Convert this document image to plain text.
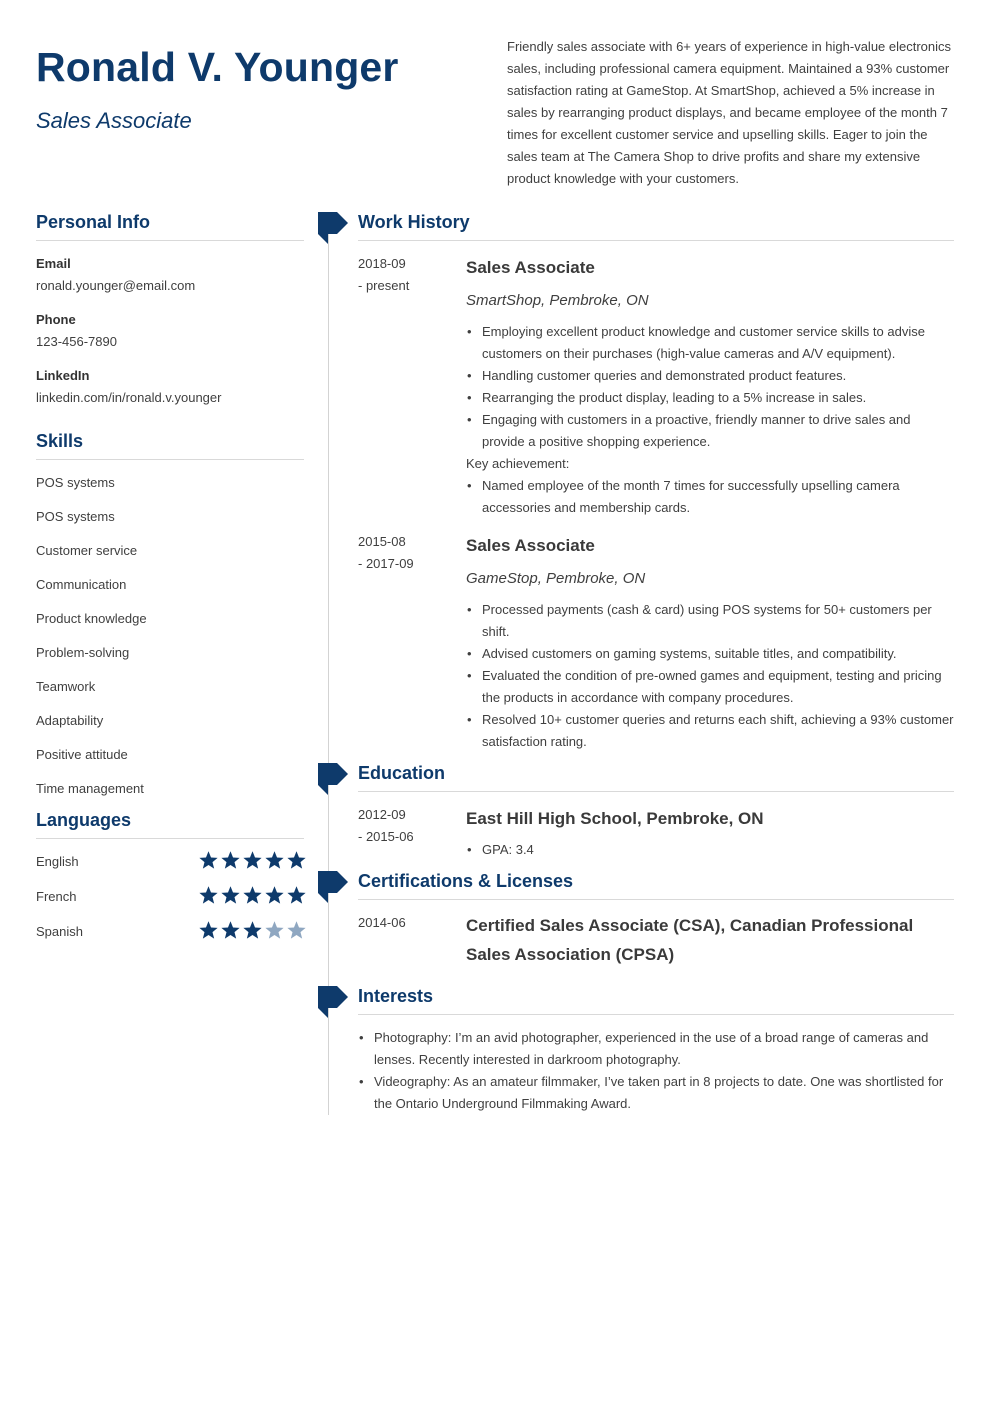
Ronald V. Younger
Sales Associate
Friendly sales associate with 6+ years of experience in high-value electronics sales, including professional camera equipment. Maintained a 93% customer satisfaction rating at GameStop. At SmartShop, achieved a 5% increase in sales by rearranging product displays, and became employee of the month 7 times for excellent customer service and upselling skills. Eager to join the sales team at The Camera Shop to drive profits and share my extensive product knowledge with your customers.
Personal Info
Email
ronald.younger@email.com
Phone
123-456-7890
LinkedIn
linkedin.com/in/ronald.v.younger
Skills
POS systems
POS systems
Customer service
Communication
Product knowledge
Problem-solving
Teamwork
Adaptability
Positive attitude
Time management
Languages
English
French
Spanish
Work History
2018-09
- present
Sales Associate
SmartShop, Pembroke, ON
• Employing excellent product knowledge and customer service skills to advise customers on their purchases (high-value cameras and A/V equipment).
• Handling customer queries and demonstrated product features.
• Rearranging the product display, leading to a 5% increase in sales.
• Engaging with customers in a proactive, friendly manner to drive sales and provide a positive shopping experience.
Key achievement:
• Named employee of the month 7 times for successfully upselling camera accessories and membership cards.
2015-08
- 2017-09
Sales Associate
GameStop, Pembroke, ON
• Processed payments (cash & card) using POS systems for 50+ customers per shift.
• Advised customers on gaming systems, suitable titles, and compatibility.
• Evaluated the condition of pre-owned games and equipment, testing and pricing the products in accordance with company procedures.
• Resolved 10+ customer queries and returns each shift, achieving a 93% customer satisfaction rating.
Education
2012-09
- 2015-06
East Hill High School, Pembroke, ON
• GPA: 3.4
Certifications & Licenses
2014-06	Certified Sales Associate (CSA), Canadian Professional Sales Association (CPSA)
Interests
• Photography: I’m an avid photographer, experienced in the use of a broad range of cameras and lenses. Recently interested in darkroom photography.
• Videography: As an amateur filmmaker, I’ve taken part in 8 projects to date. One was shortlisted for the Ontario Underground Filmmaking Award.
